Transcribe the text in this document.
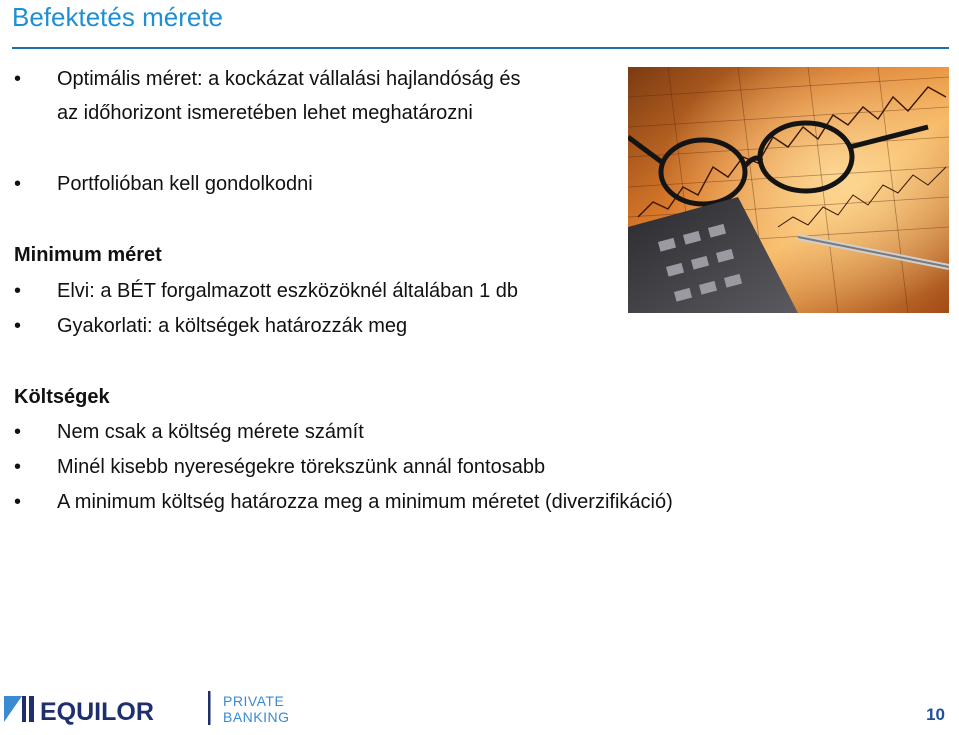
Befektetés mérete
• Optimális méret: a kockázat vállalási hajlandóság és
az időhorizont ismeretében lehet meghatározni
• Portfolióban kell gondolkodni
Minimum méret
• Elvi: a BÉT forgalmazott eszközöknél általában 1 db
• Gyakorlati: a költségek határozzák meg
Költségek
• Nem csak a költség mérete számít
• Minél kisebb nyereségekre törekszünk annál fontosabb
• A minimum költség határozza meg a minimum méretet (diverzifikáció)
EQUILOR	PRIVATE
BANKING	10
